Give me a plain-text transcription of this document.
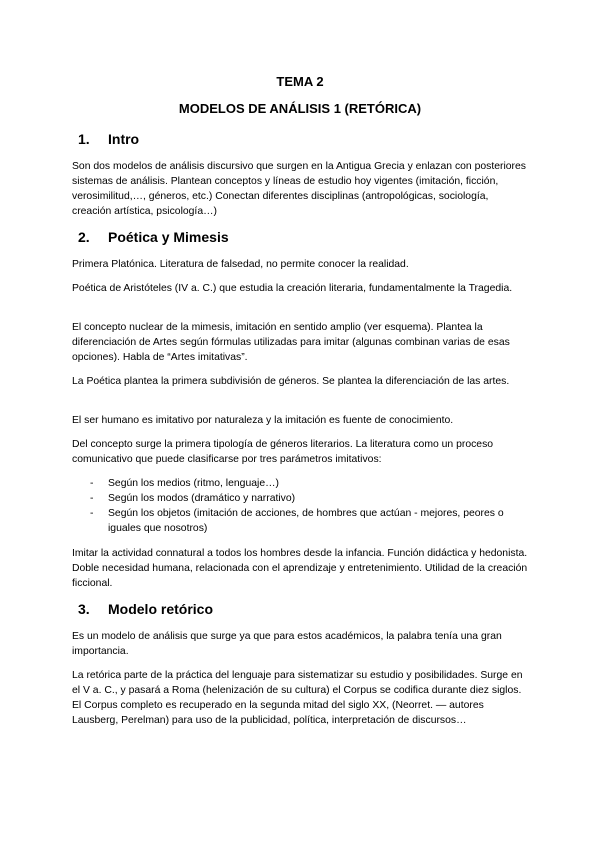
TEMA 2
MODELOS DE ANÁLISIS 1 (RETÓRICA)
1. Intro

Son dos modelos de análisis discursivo que surgen en la Antigua Grecia y enlazan con posteriores sistemas de análisis. Plantean conceptos y líneas de estudio hoy vigentes (imitación, ficción, verosimilitud,…, géneros, etc.) Conectan diferentes disciplinas (antropológicas, sociología, creación artística, psicología…)

2. Poética y Mimesis

Primera Platónica. Literatura de falsedad, no permite conocer la realidad.

Poética de Aristóteles (IV a. C.) que estudia la creación literaria, fundamentalmente la Tragedia.

El concepto nuclear de la mimesis, imitación en sentido amplio (ver esquema). Plantea la diferenciación de Artes según fórmulas utilizadas para imitar (algunas combinan varias de esas opciones). Habla de “Artes imitativas”.

La Poética plantea la primera subdivisión de géneros. Se plantea la diferenciación de las artes.

El ser humano es imitativo por naturaleza y la imitación es fuente de conocimiento.

Del concepto surge la primera tipología de géneros literarios. La literatura como un proceso comunicativo que puede clasificarse por tres parámetros imitativos:

- Según los medios (ritmo, lenguaje…)
- Según los modos (dramático y narrativo)
- Según los objetos (imitación de acciones, de hombres que actúan - mejores, peores o iguales que nosotros)

Imitar la actividad connatural a todos los hombres desde la infancia. Función didáctica y hedonista. Doble necesidad humana, relacionada con el aprendizaje y entretenimiento. Utilidad de la creación ficcional.

3. Modelo retórico

Es un modelo de análisis que surge ya que para estos académicos, la palabra tenía una gran importancia.

La retórica parte de la práctica del lenguaje para sistematizar su estudio y posibilidades. Surge en el V a. C., y pasará a Roma (helenización de su cultura) el Corpus se codifica durante diez siglos. El Corpus completo es recuperado en la segunda mitad del siglo XX, (Neorret. — autores Lausberg, Perelman) para uso de la publicidad, política, interpretación de discursos…
